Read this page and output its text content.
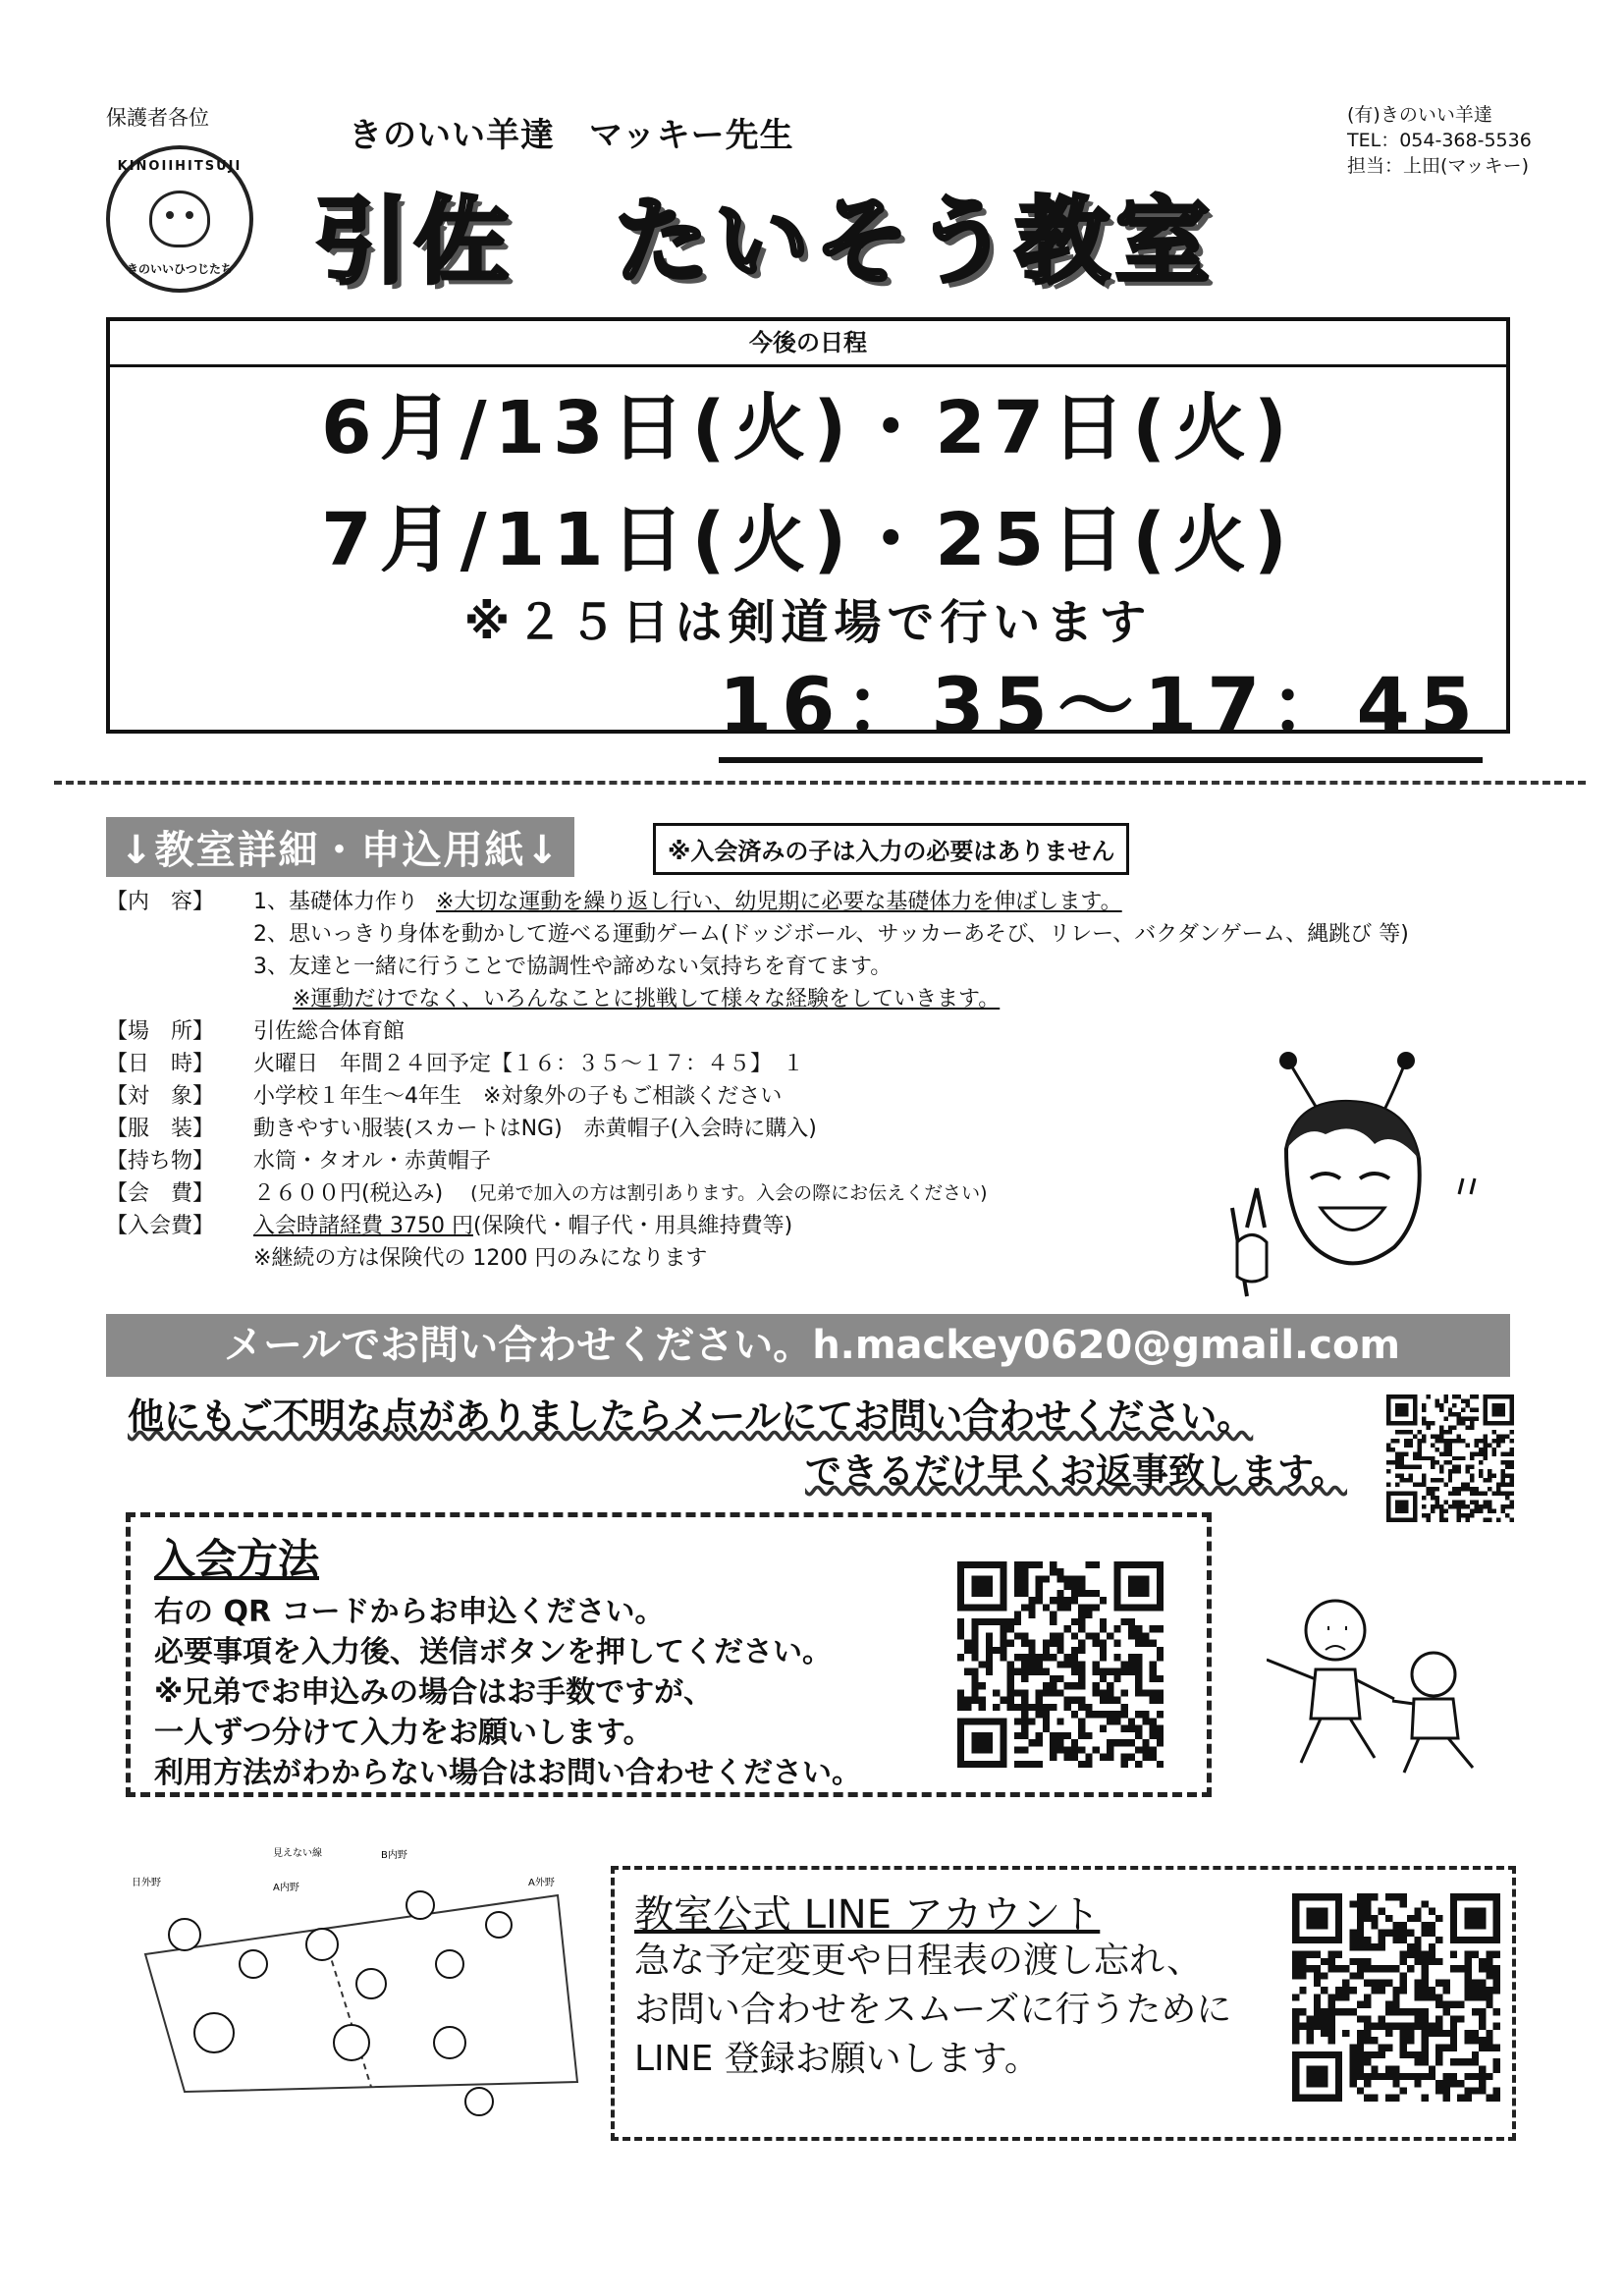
保護者各位
KINOIIHITSUJI
きのいいひつじたち
きのいい羊達　マッキー先生
引佐　たいそう教室
(有)きのいい羊達
TEL：054-368-5536
担当：上田(マッキー)
今後の日程
6月/13日(火)・27日(火)
7月/11日(火)・25日(火)
※２５日は剣道場で行います
16：35〜17：45
↓教室詳細・申込用紙↓	※入会済みの子は入力の必要はありません
【内　容】	1、基礎体力作り ※大切な運動を繰り返し行い、幼児期に必要な基礎体力を伸ばします。
2、思いっきり身体を動かして遊べる運動ゲーム(ドッジボール、サッカーあそび、リレー、バクダンゲーム、縄跳び 等)
3、友達と一緒に行うことで協調性や諦めない気持ちを育てます。
※運動だけでなく、いろんなことに挑戦して様々な経験をしていきます。
【場　所】	引佐総合体育館
【日　時】	火曜日　年間２４回予定【１６：３５〜１７：４５】　１
【対　象】	小学校１年生〜4年生　※対象外の子もご相談ください
【服　装】	動きやすい服装(スカートはNG)　赤黄帽子(入会時に購入)
【持ち物】	水筒・タオル・赤黄帽子
【会　費】	２６００円(税込み) (兄弟で加入の方は割引あります。入会の際にお伝えください)
【入会費】	入会時諸経費 3750 円 (保険代・帽子代・用具維持費等)
※継続の方は保険代の 1200 円のみになります
メールでお問い合わせください。h.mackey0620@gmail.com
他にもご不明な点がありましたらメールにてお問い合わせください。
できるだけ早くお返事致します。
入会方法
右の QR コードからお申込ください。
必要事項を入力後、送信ボタンを押してください。
※兄弟でお申込みの場合はお手数ですが、
一人ずつ分けて入力をお願いします。
利用方法がわからない場合はお問い合わせください。
日外野	A内野
B内野
見えない線
A外野
教室公式 LINE アカウント
急な予定変更や日程表の渡し忘れ、
お問い合わせをスムーズに行うために
LINE 登録お願いします。
